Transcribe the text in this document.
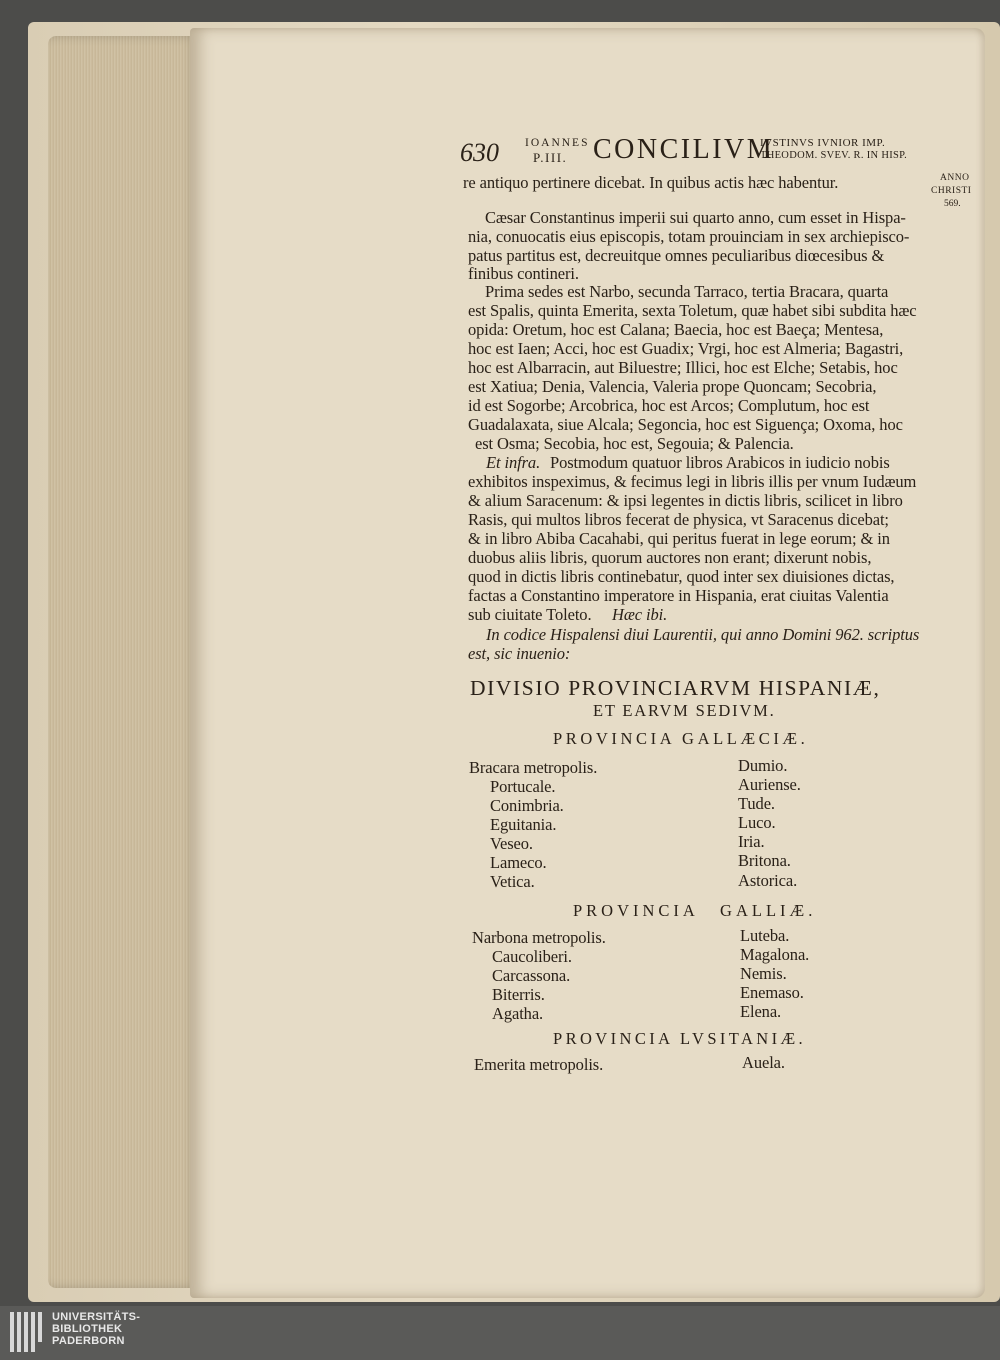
630 IOANNES
P.III. CONCILIVM
IVSTINVS IVNIOR IMP.
THEODOM. SVEV. R. IN HISP.
ANNO
CHRISTI
569.
re antiquo pertinere dicebat. In quibus actis hæc habentur.
Cæsar Constantinus imperii sui quarto anno, cum esset in Hispa-
nia, conuocatis eius episcopis, totam prouinciam in sex archiepisco-
patus partitus est, decreuitque omnes peculiaribus diœcesibus &
finibus contineri.
Prima sedes est Narbo, secunda Tarraco, tertia Bracara, quarta
est Spalis, quinta Emerita, sexta Toletum, quæ habet sibi subdita hæc
opida: Oretum, hoc est Calana; Baecia, hoc est Baeça; Mentesa,
hoc est Iaen; Acci, hoc est Guadix; Vrgi, hoc est Almeria; Bagastri,
hoc est Albarracin, aut Biluestre; Illici, hoc est Elche; Setabis, hoc
est Xatiua; Denia, Valencia, Valeria prope Quoncam; Secobria,
id est Sogorbe; Arcobrica, hoc est Arcos; Complutum, hoc est
Guadalaxata, siue Alcala; Segoncia, hoc est Siguença; Oxoma, hoc
est Osma; Secobia, hoc est, Segouia; & Palencia.
Et infra. Postmodum quatuor libros Arabicos in iudicio nobis
exhibitos inspeximus, & fecimus legi in libris illis per vnum Iudæum
& alium Saracenum: & ipsi legentes in dictis libris, scilicet in libro
Rasis, qui multos libros fecerat de physica, vt Saracenus dicebat;
& in libro Abiba Cacahabi, qui peritus fuerat in lege eorum; & in
duobus aliis libris, quorum auctores non erant; dixerunt nobis,
quod in dictis libris continebatur, quod inter sex diuisiones dictas,
factas a Constantino imperatore in Hispania, erat ciuitas Valentia
sub ciuitate Toleto. Hæc ibi.
In codice Hispalensi diui Laurentii, qui anno Domini 962. scriptus
est, sic inuenio:
DIVISIO PROVINCIARVM HISPANIÆ,
ET EARVM SEDIVM.
PROVINCIA GALLÆCIÆ.
Bracara metropolis.
Portucale.
Conimbria.
Eguitania.
Veseo.
Lameco.
Vetica.
Dumio.
Auriense.
Tude.
Luco.
Iria.
Britona.
Astorica.
PROVINCIA GALLIÆ.
Narbona metropolis.
Caucoliberi.
Carcassona.
Biterris.
Agatha.
Luteba.
Magalona.
Nemis.
Enemaso.
Elena.
PROVINCIA LVSITANIÆ.
Emerita metropolis.	Auela.
UNIVERSITÄTS-
BIBLIOTHEK
PADERBORN
